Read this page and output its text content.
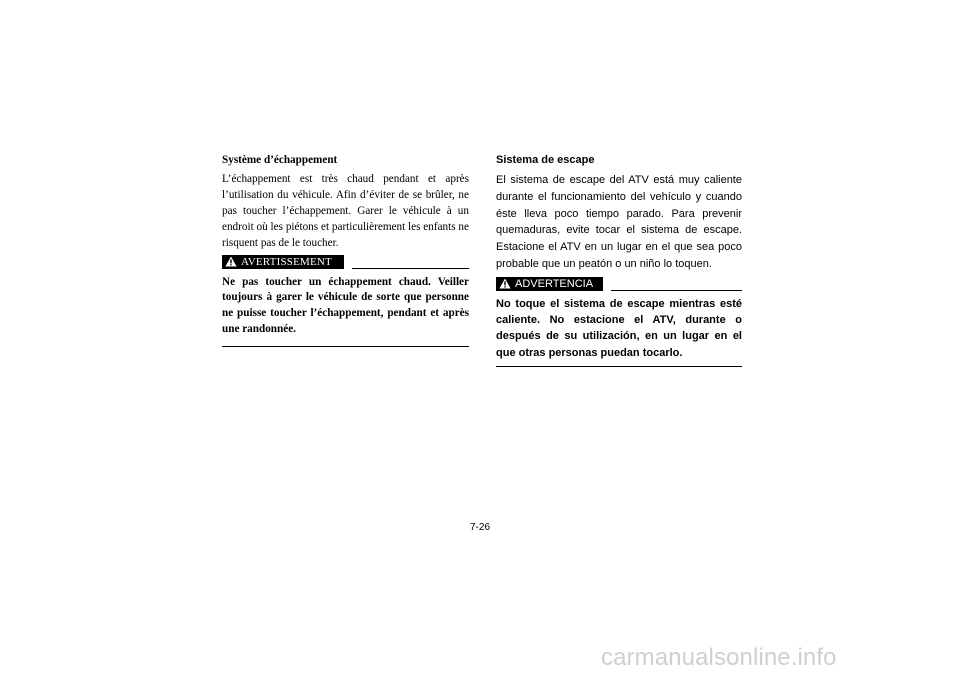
Système d’échappement

L’échappement est très chaud pendant et après l’utilisation du véhicule. Afin d’éviter de se brûler, ne pas toucher l’échappement. Garer le véhicule à un endroit où les piétons et particulièrement les enfants ne risquent pas de le toucher.

AVERTISSEMENT

Ne pas toucher un échappement chaud. Veiller toujours à garer le véhicule de sorte que personne ne puisse toucher l’échappement, pendant et après une randonnée.

Sistema de escape

El sistema de escape del ATV está muy caliente durante el funcionamiento del vehículo y cuando éste lleva poco tiempo parado. Para prevenir quemaduras, evite tocar el sistema de escape. Estacione el ATV en un lugar en el que sea poco probable que un peatón o un niño lo toquen.

ADVERTENCIA

No toque el sistema de escape mientras esté caliente. No estacione el ATV, durante o después de su utilización, en un lugar en el que otras personas puedan tocarlo.

7-26
carmanualsonline.info
